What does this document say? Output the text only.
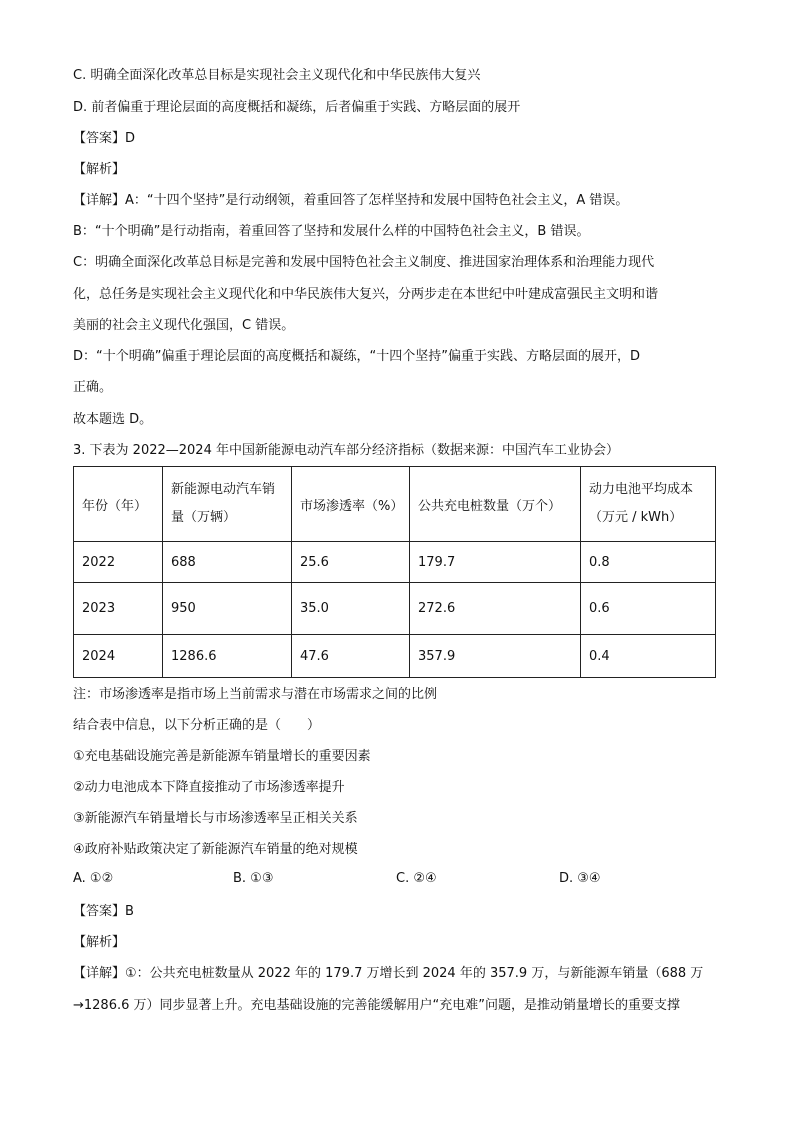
C. 明确全面深化改革总目标是实现社会主义现代化和中华民族伟大复兴
D. 前者偏重于理论层面的高度概括和凝练，后者偏重于实践、方略层面的展开
【答案】D
【解析】
【详解】A：“十四个坚持”是行动纲领，着重回答了怎样坚持和发展中国特色社会主义，A 错误。
B：“十个明确”是行动指南，着重回答了坚持和发展什么样的中国特色社会主义，B 错误。
C：明确全面深化改革总目标是完善和发展中国特色社会主义制度、推进国家治理体系和治理能力现代
化，总任务是实现社会主义现代化和中华民族伟大复兴，分两步走在本世纪中叶建成富强民主文明和谐
美丽的社会主义现代化强国，C 错误。
D：“十个明确”偏重于理论层面的高度概括和凝练，“十四个坚持”偏重于实践、方略层面的展开，D
正确。
故本题选 D。
3. 下表为 2022—2024 年中国新能源电动汽车部分经济指标（数据来源：中国汽车工业协会）
年份（年）	新能源电动汽车销量（万辆）	市场渗透率（%）	公共充电桩数量（万个）	动力电池平均成本（万元 / kWh）
2022	688	25.6	179.7	0.8
2023	950	35.0	272.6	0.6
2024	1286.6	47.6	357.9	0.4
注：市场渗透率是指市场上当前需求与潜在市场需求之间的比例
结合表中信息，以下分析正确的是（　　）
①充电基础设施完善是新能源车销量增长的重要因素
②动力电池成本下降直接推动了市场渗透率提升
③新能源汽车销量增长与市场渗透率呈正相关关系
④政府补贴政策决定了新能源汽车销量的绝对规模
A. ①②	B. ①③	C. ②④	D. ③④
【答案】B
【解析】
【详解】①：公共充电桩数量从 2022 年的 179.7 万增长到 2024 年的 357.9 万，与新能源车销量（688 万
→1286.6 万）同步显著上升。充电基础设施的完善能缓解用户“充电难”问题，是推动销量增长的重要支撑
